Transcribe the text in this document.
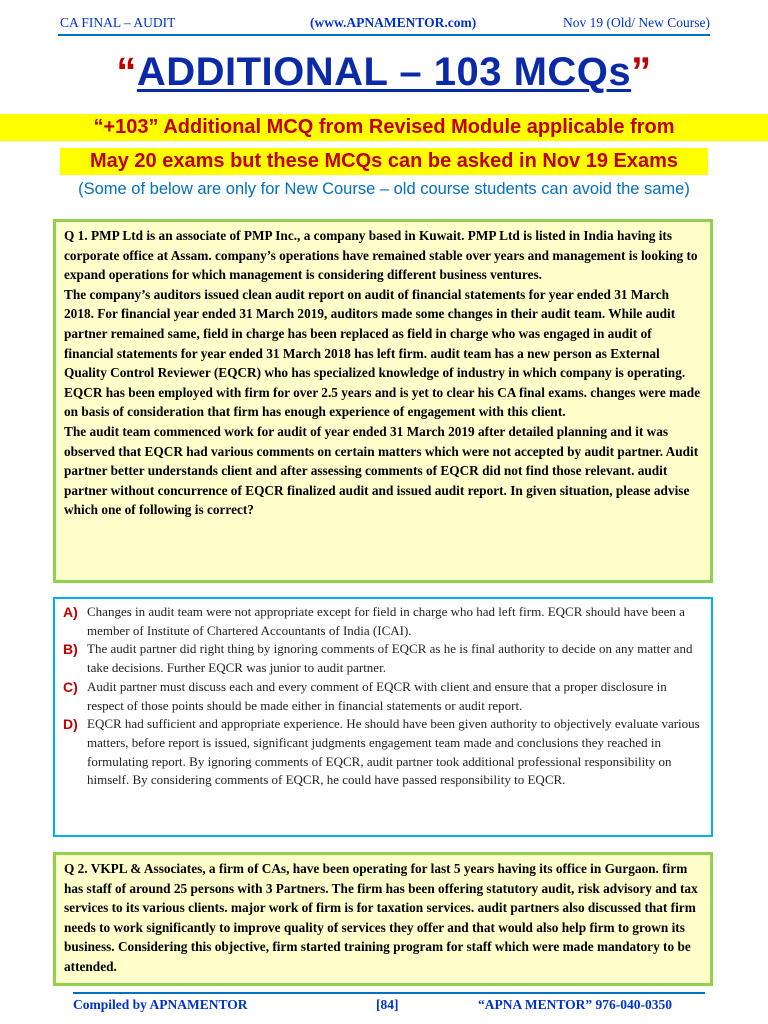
CA FINAL – AUDIT	(www.APNAMENTOR.com)	Nov 19 (Old/ New Course)
“ADDITIONAL – 103 MCQs”
“+103” Additional MCQ from Revised Module applicable from
May 20 exams but these MCQs can be asked in Nov 19 Exams
(Some of below are only for New Course – old course students can avoid the same)

Q 1. PMP Ltd is an associate of PMP Inc., a company based in Kuwait. PMP Ltd is listed in India having its corporate office at Assam. company’s operations have remained stable over years and management is looking to expand operations for which management is considering different business ventures.

The company’s auditors issued clean audit report on audit of financial statements for year ended 31 March 2018. For financial year ended 31 March 2019, auditors made some changes in their audit team. While audit partner remained same, field in charge has been replaced as field in charge who was engaged in audit of financial statements for year ended 31 March 2018 has left firm. audit team has a new person as External Quality Control Reviewer (EQCR) who has specialized knowledge of industry in which company is operating. EQCR has been employed with firm for over 2.5 years and is yet to clear his CA final exams. changes were made on basis of consideration that firm has enough experience of engagement with this client.

The audit team commenced work for audit of year ended 31 March 2019 after detailed planning and it was observed that EQCR had various comments on certain matters which were not accepted by audit partner. Audit partner better understands client and after assessing comments of EQCR did not find those relevant. audit partner without concurrence of EQCR finalized audit and issued audit report. In given situation, please advise which one of following is correct?

A) Changes in audit team were not appropriate except for field in charge who had left firm. EQCR should have been a member of Institute of Chartered Accountants of India (ICAI).
B) The audit partner did right thing by ignoring comments of EQCR as he is final authority to decide on any matter and take decisions. Further EQCR was junior to audit partner.
C) Audit partner must discuss each and every comment of EQCR with client and ensure that a proper disclosure in respect of those points should be made either in financial statements or audit report.
D) EQCR had sufficient and appropriate experience. He should have been given authority to objectively evaluate various matters, before report is issued, significant judgments engagement team made and conclusions they reached in formulating report. By ignoring comments of EQCR, audit partner took additional professional responsibility on himself. By considering comments of EQCR, he could have passed responsibility to EQCR.

Q 2. VKPL & Associates, a firm of CAs, have been operating for last 5 years having its office in Gurgaon. firm has staff of around 25 persons with 3 Partners. The firm has been offering statutory audit, risk advisory and tax services to its various clients. major work of firm is for taxation services. audit partners also discussed that firm needs to work significantly to improve quality of services they offer and that would also help firm to grown its business. Considering this objective, firm started training program for staff which were made mandatory to be attended.

Compiled by APNAMENTOR	[84]	“APNA MENTOR” 976-040-0350
